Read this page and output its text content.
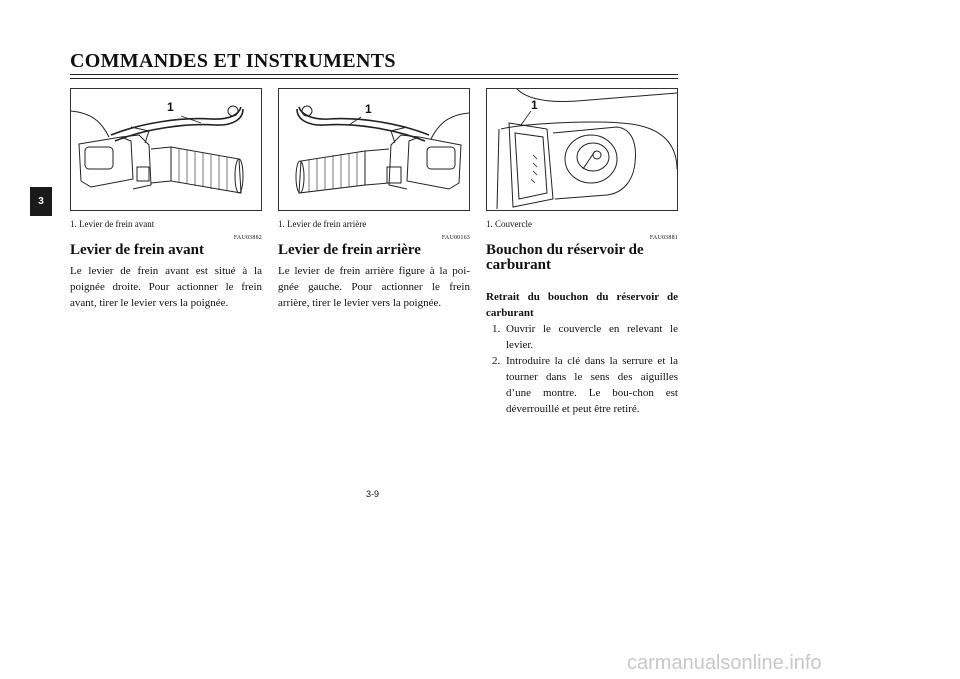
COMMANDES ET INSTRUMENTS
3
1
1. Levier de frein avant
FAU03882
Levier de frein avant
Le levier de frein avant est situé à la poignée droite. Pour actionner le frein avant, tirer le levier vers la poignée.
1
1. Levier de frein arrière
FAU00163
Levier de frein arrière
Le levier de frein arrière figure à la poi-gnée gauche. Pour actionner le frein arrière, tirer le levier vers la poignée.
1
1. Couvercle
FAU03881
Bouchon du réservoir de carburant
Retrait du bouchon du réservoir de carburant
1. Ouvrir le couvercle en relevant le levier.
2. Introduire la clé dans la serrure et la tourner dans le sens des aiguilles d’une montre. Le bou-chon est déverrouillé et peut être retiré.
3-9
carmanualsonline.info
